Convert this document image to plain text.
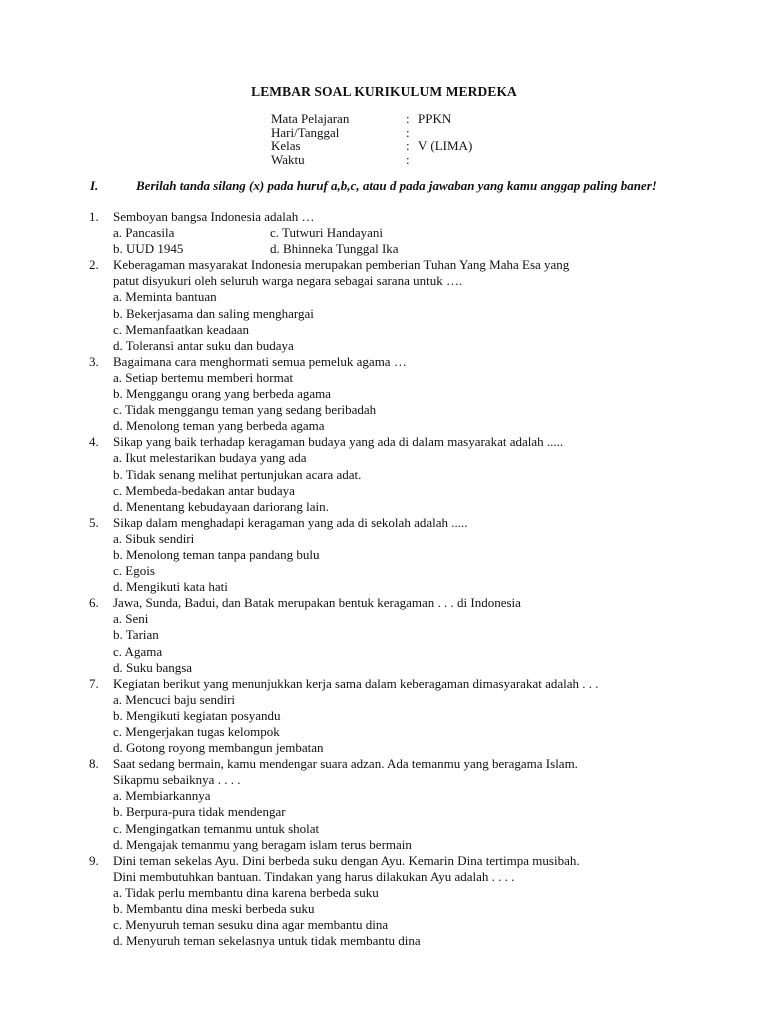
LEMBAR SOAL KURIKULUM MERDEKA
Mata Pelajaran	: PPKN
Hari/Tanggal	:
Kelas	: V (LIMA)
Waktu	:
I.	Berilah tanda silang (x) pada huruf a,b,c, atau d pada jawaban yang kamu anggap paling baner!
1.	Semboyan bangsa Indonesia adalah …
a. Pancasila	c. Tutwuri Handayani
b. UUD 1945	d. Bhinneka Tunggal Ika
2.	Keberagaman masyarakat Indonesia merupakan pemberian Tuhan Yang Maha Esa yang
patut disyukuri oleh seluruh warga negara sebagai sarana untuk ….
a. Meminta bantuan
b. Bekerjasama dan saling menghargai
c. Memanfaatkan keadaan
d. Toleransi antar suku dan budaya
3.	Bagaimana cara menghormati semua pemeluk agama …
a. Setiap bertemu memberi hormat
b. Menggangu orang yang berbeda agama
c. Tidak menggangu teman yang sedang beribadah
d. Menolong teman yang berbeda agama
4.	Sikap yang baik terhadap keragaman budaya yang ada di dalam masyarakat adalah .....
a. Ikut melestarikan budaya yang ada
b. Tidak senang melihat pertunjukan acara adat.
c. Membeda-bedakan antar budaya
d. Menentang kebudayaan dariorang lain.
5.	Sikap dalam menghadapi keragaman yang ada di sekolah adalah .....
a. Sibuk sendiri
b. Menolong teman tanpa pandang bulu
c. Egois
d. Mengikuti kata hati
6.	Jawa, Sunda, Badui, dan Batak merupakan bentuk keragaman . . . di Indonesia
a. Seni
b. Tarian
c. Agama
d. Suku bangsa
7.	Kegiatan berikut yang menunjukkan kerja sama dalam keberagaman dimasyarakat adalah . . .
a. Mencuci baju sendiri
b. Mengikuti kegiatan posyandu
c. Mengerjakan tugas kelompok
d. Gotong royong membangun jembatan
8.	Saat sedang bermain, kamu mendengar suara adzan. Ada temanmu yang beragama Islam.
Sikapmu sebaiknya . . . .
a. Membiarkannya
b. Berpura-pura tidak mendengar
c. Mengingatkan temanmu untuk sholat
d. Mengajak temanmu yang beragam islam terus bermain
9.	Dini teman sekelas Ayu. Dini berbeda suku dengan Ayu. Kemarin Dina tertimpa musibah.
Dini membutuhkan bantuan. Tindakan yang harus dilakukan Ayu adalah . . . .
a. Tidak perlu membantu dina karena berbeda suku
b. Membantu dina meski berbeda suku
c. Menyuruh teman sesuku dina agar membantu dina
d. Menyuruh teman sekelasnya untuk tidak membantu dina
